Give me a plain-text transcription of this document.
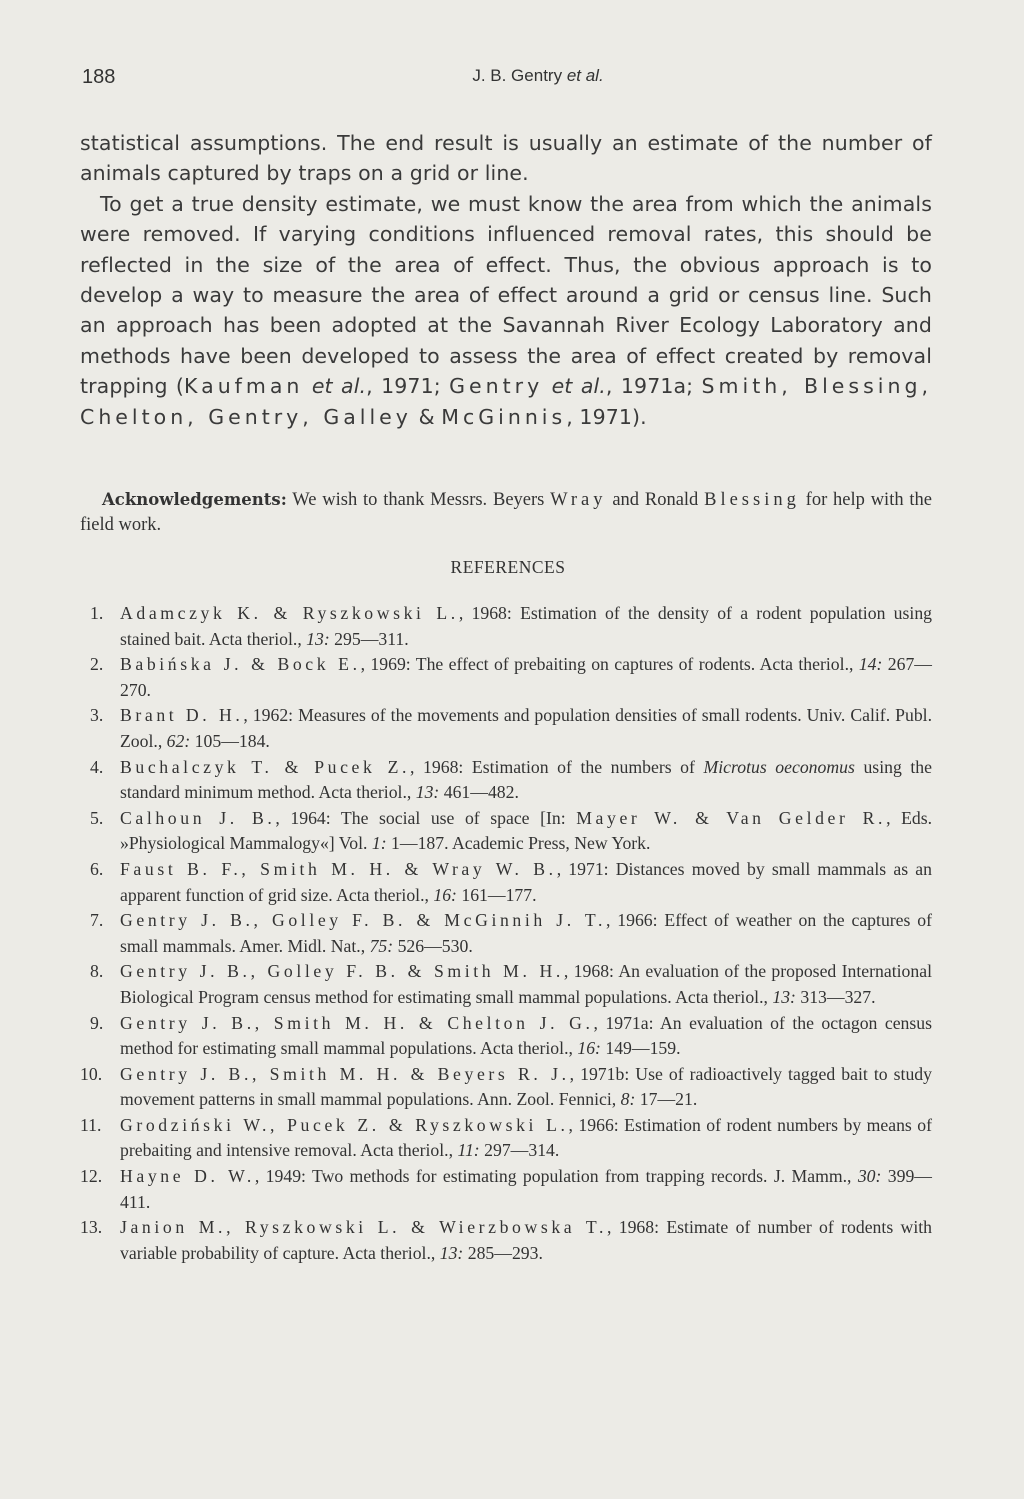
188	J. B. Gentry et al.

statistical assumptions. The end result is usually an estimate of the number of animals captured by traps on a grid or line.

To get a true density estimate, we must know the area from which the animals were removed. If varying conditions influenced removal rates, this should be reflected in the size of the area of effect. Thus, the obvious approach is to develop a way to measure the area of effect around a grid or census line. Such an approach has been adopted at the Savannah River Ecology Laboratory and methods have been developed to assess the area of effect created by removal trapping (Kaufman et al., 1971; Gentry et al., 1971a; Smith, Blessing, Chelton, Gentry, Galley & McGinnis, 1971).

Acknowledgements: We wish to thank Messrs. Beyers Wray and Ronald Blessing for help with the field work.
REFERENCES
1. Adamczyk K. & Ryszkowski L., 1968: Estimation of the density of a rodent population using stained bait. Acta theriol., 13: 295—311.
2. Babińska J. & Bock E., 1969: The effect of prebaiting on captures of rodents. Acta theriol., 14: 267—270.
3. Brant D. H., 1962: Measures of the movements and population densities of small rodents. Univ. Calif. Publ. Zool., 62: 105—184.
4. Buchalczyk T. & Pucek Z., 1968: Estimation of the numbers of Microtus oeconomus using the standard minimum method. Acta theriol., 13: 461—482.
5. Calhoun J. B., 1964: The social use of space [In: Mayer W. & Van Gelder R., Eds. »Physiological Mammalogy«] Vol. 1: 1—187. Academic Press, New York.
6. Faust B. F., Smith M. H. & Wray W. B., 1971: Distances moved by small mammals as an apparent function of grid size. Acta theriol., 16: 161—177.
7. Gentry J. B., Golley F. B. & McGinnih J. T., 1966: Effect of weather on the captures of small mammals. Amer. Midl. Nat., 75: 526—530.
8. Gentry J. B., Golley F. B. & Smith M. H., 1968: An evaluation of the proposed International Biological Program census method for estimating small mammal populations. Acta theriol., 13: 313—327.
9. Gentry J. B., Smith M. H. & Chelton J. G., 1971a: An evaluation of the octagon census method for estimating small mammal populations. Acta theriol., 16: 149—159.
10. Gentry J. B., Smith M. H. & Beyers R. J., 1971b: Use of radioactively tagged bait to study movement patterns in small mammal populations. Ann. Zool. Fennici, 8: 17—21.
11. Grodziński W., Pucek Z. & Ryszkowski L., 1966: Estimation of rodent numbers by means of prebaiting and intensive removal. Acta theriol., 11: 297—314.
12. Hayne D. W., 1949: Two methods for estimating population from trapping records. J. Mamm., 30: 399—411.
13. Janion M., Ryszkowski L. & Wierzbowska T., 1968: Estimate of number of rodents with variable probability of capture. Acta theriol., 13: 285—293.
